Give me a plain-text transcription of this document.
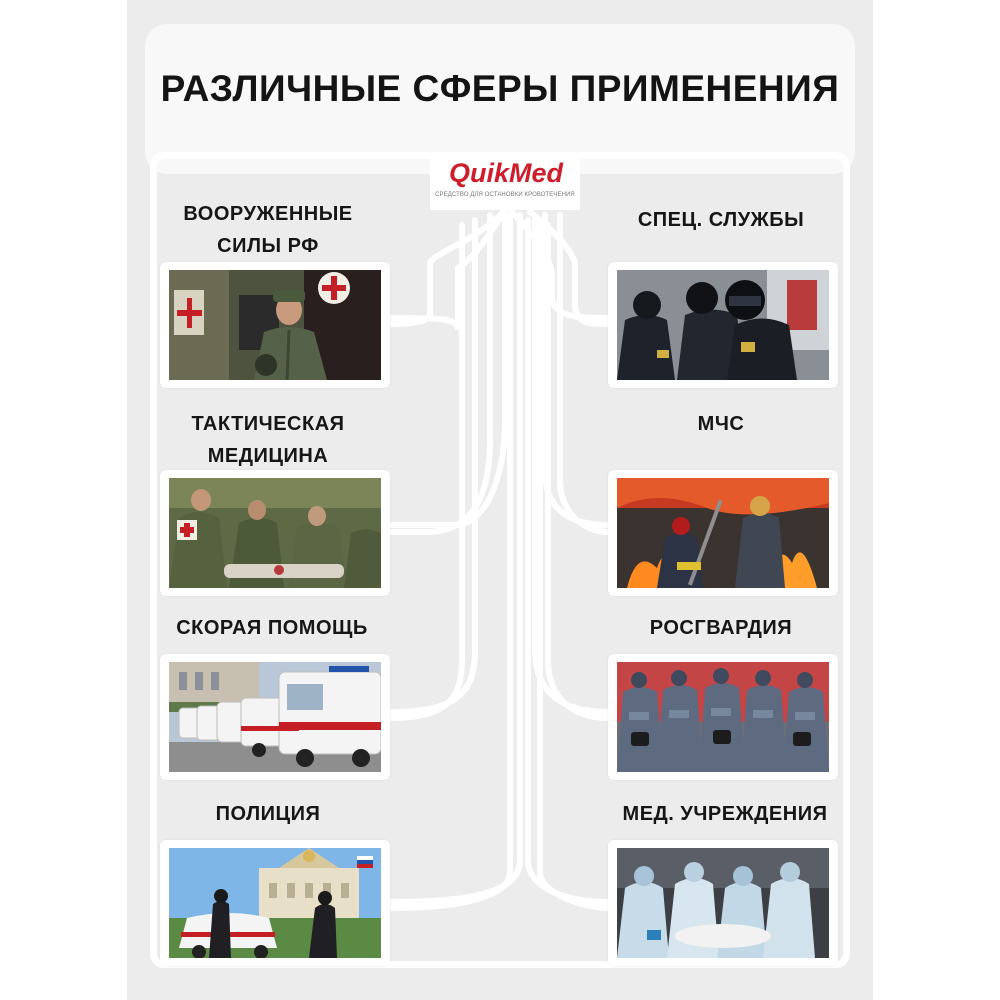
РАЗЛИЧНЫЕ СФЕРЫ ПРИМЕНЕНИЯ
QuikMed
СРЕДСТВО ДЛЯ ОСТАНОВКИ КРОВОТЕЧЕНИЯ
ВООРУЖЕННЫЕ
СИЛЫ РФ
ТАКТИЧЕСКАЯ
МЕДИЦИНА
СКОРАЯ ПОМОЩЬ
ПОЛИЦИЯ
СПЕЦ. СЛУЖБЫ
МЧС
РОСГВАРДИЯ
МЕД. УЧРЕЖДЕНИЯ
